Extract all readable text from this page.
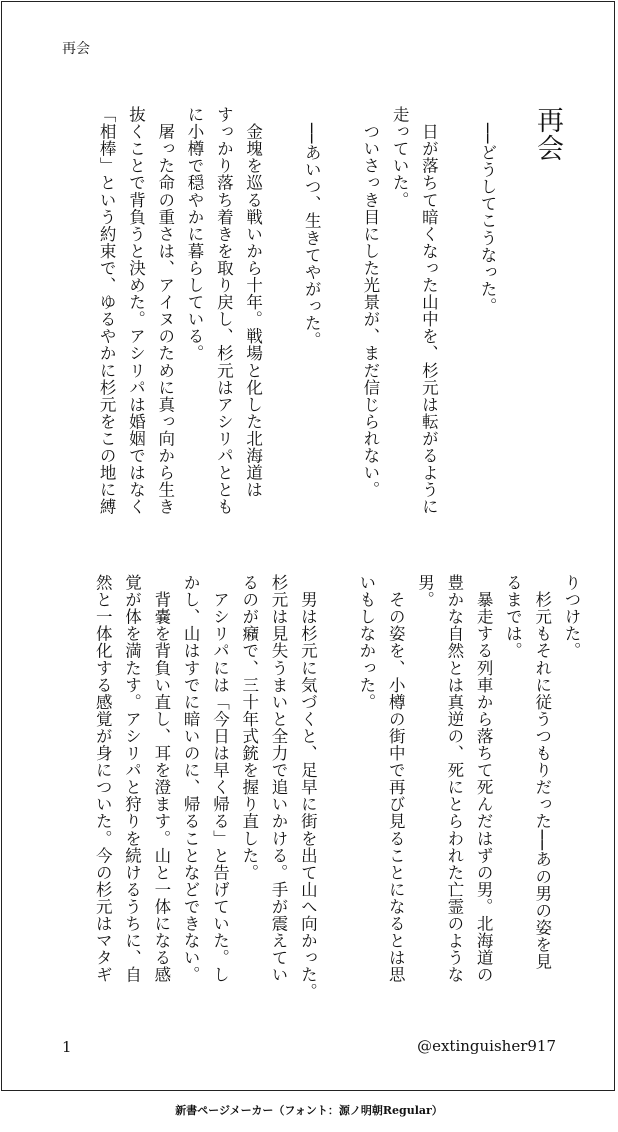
再会
再会
　──どうしてこうなった。

　日が落ちて暗くなった山中を、杉元は転がるように
走っていた。
　ついさっき目にした光景が、まだ信じられない。

　──あいつ、生きてやがった。

　金塊を巡る戦いから十年。戦場と化した北海道は
すっかり落ち着きを取り戻し、杉元はアシリパととも
に小樽で穏やかに暮らしている。
　屠った命の重さは、アイヌのために真っ向から生き
抜くことで背負うと決めた。アシリパは婚姻ではなく
「相棒」という約束で、ゆるやかに杉元をこの地に縛
りつけた。
　杉元もそれに従うつもりだった──あの男の姿を見
るまでは。
　暴走する列車から落ちて死んだはずの男。北海道の
豊かな自然とは真逆の、死にとらわれた亡霊のような
男。
　その姿を、小樽の街中で再び見ることになるとは思
いもしなかった。

　男は杉元に気づくと、足早に街を出て山へ向かった。
杉元は見失うまいと全力で追いかける。手が震えてい
るのが癪で、三十年式銃を握り直した。
　アシリパには「今日は早く帰る」と告げていた。し
かし、山はすでに暗いのに、帰ることなどできない。
　背嚢を背負い直し、耳を澄ます。山と一体になる感
覚が体を満たす。アシリパと狩りを続けるうちに、自
然と一体化する感覚が身についた。今の杉元はマタギ
1	@extinguisher917
新書ページメーカー（フォント：源ノ明朝Regular）
